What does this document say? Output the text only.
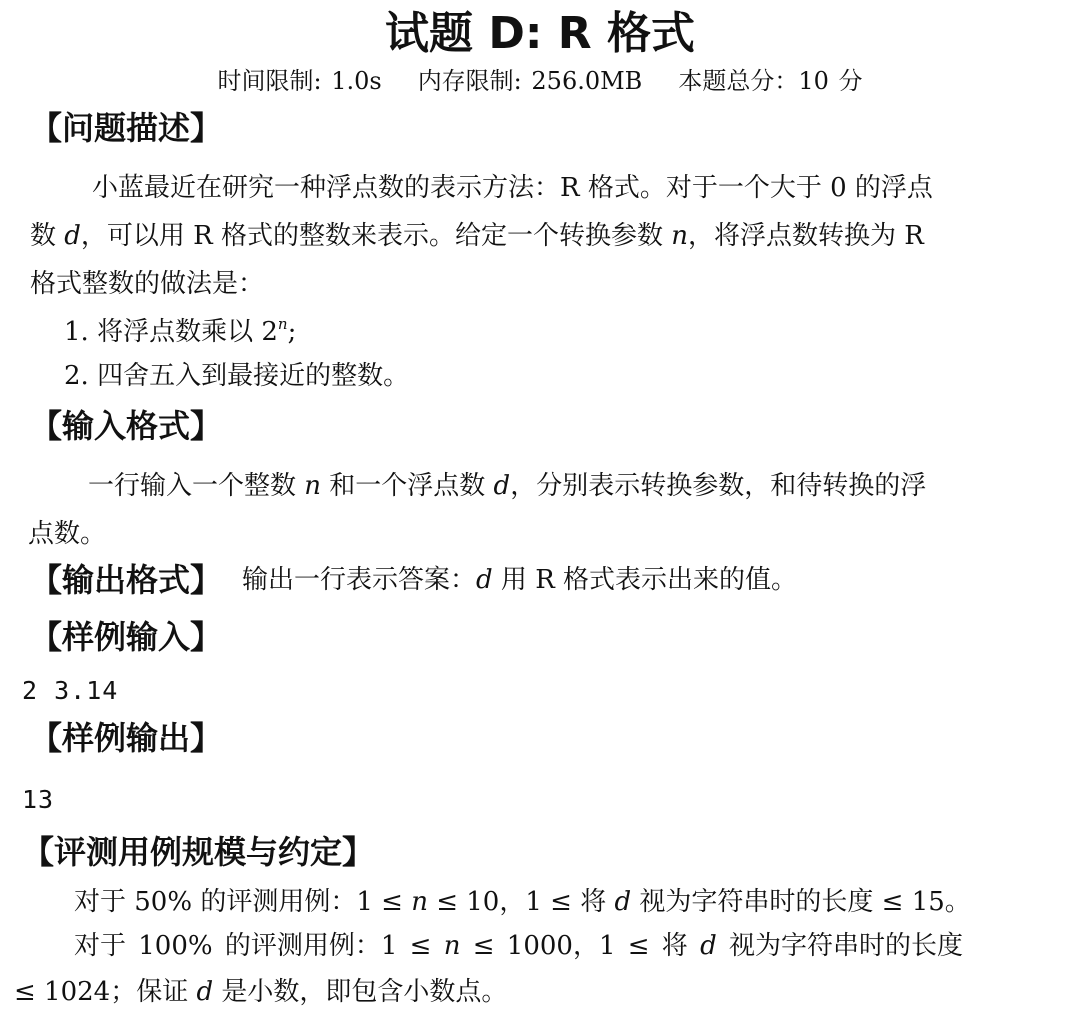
试题 D: R 格式
时间限制: 1.0s 内存限制: 256.0MB 本题总分：10 分
【问题描述】
小蓝最近在研究一种浮点数的表示方法：R 格式。对于一个大于 0 的浮点
数 d，可以用 R 格式的整数来表示。给定一个转换参数 n，将浮点数转换为 R
格式整数的做法是：
1. 将浮点数乘以 2$^n$;
2. 四舍五入到最接近的整数。
【输入格式】
一行输入一个整数 n 和一个浮点数 d，分别表示转换参数，和待转换的浮
点数。
【输出格式】 输出一行表示答案：d 用 R 格式表示出来的值。
【样例输入】
2 3.14
【样例输出】
13
【评测用例规模与约定】
对于 50% 的评测用例：1 ≤ n ≤ 10，1 ≤ 将 d 视为字符串时的长度 ≤ 15。
对于 100% 的评测用例：1 ≤ n ≤ 1000，1 ≤ 将 d 视为字符串时的长度
≤ 1024；保证 d 是小数，即包含小数点。
